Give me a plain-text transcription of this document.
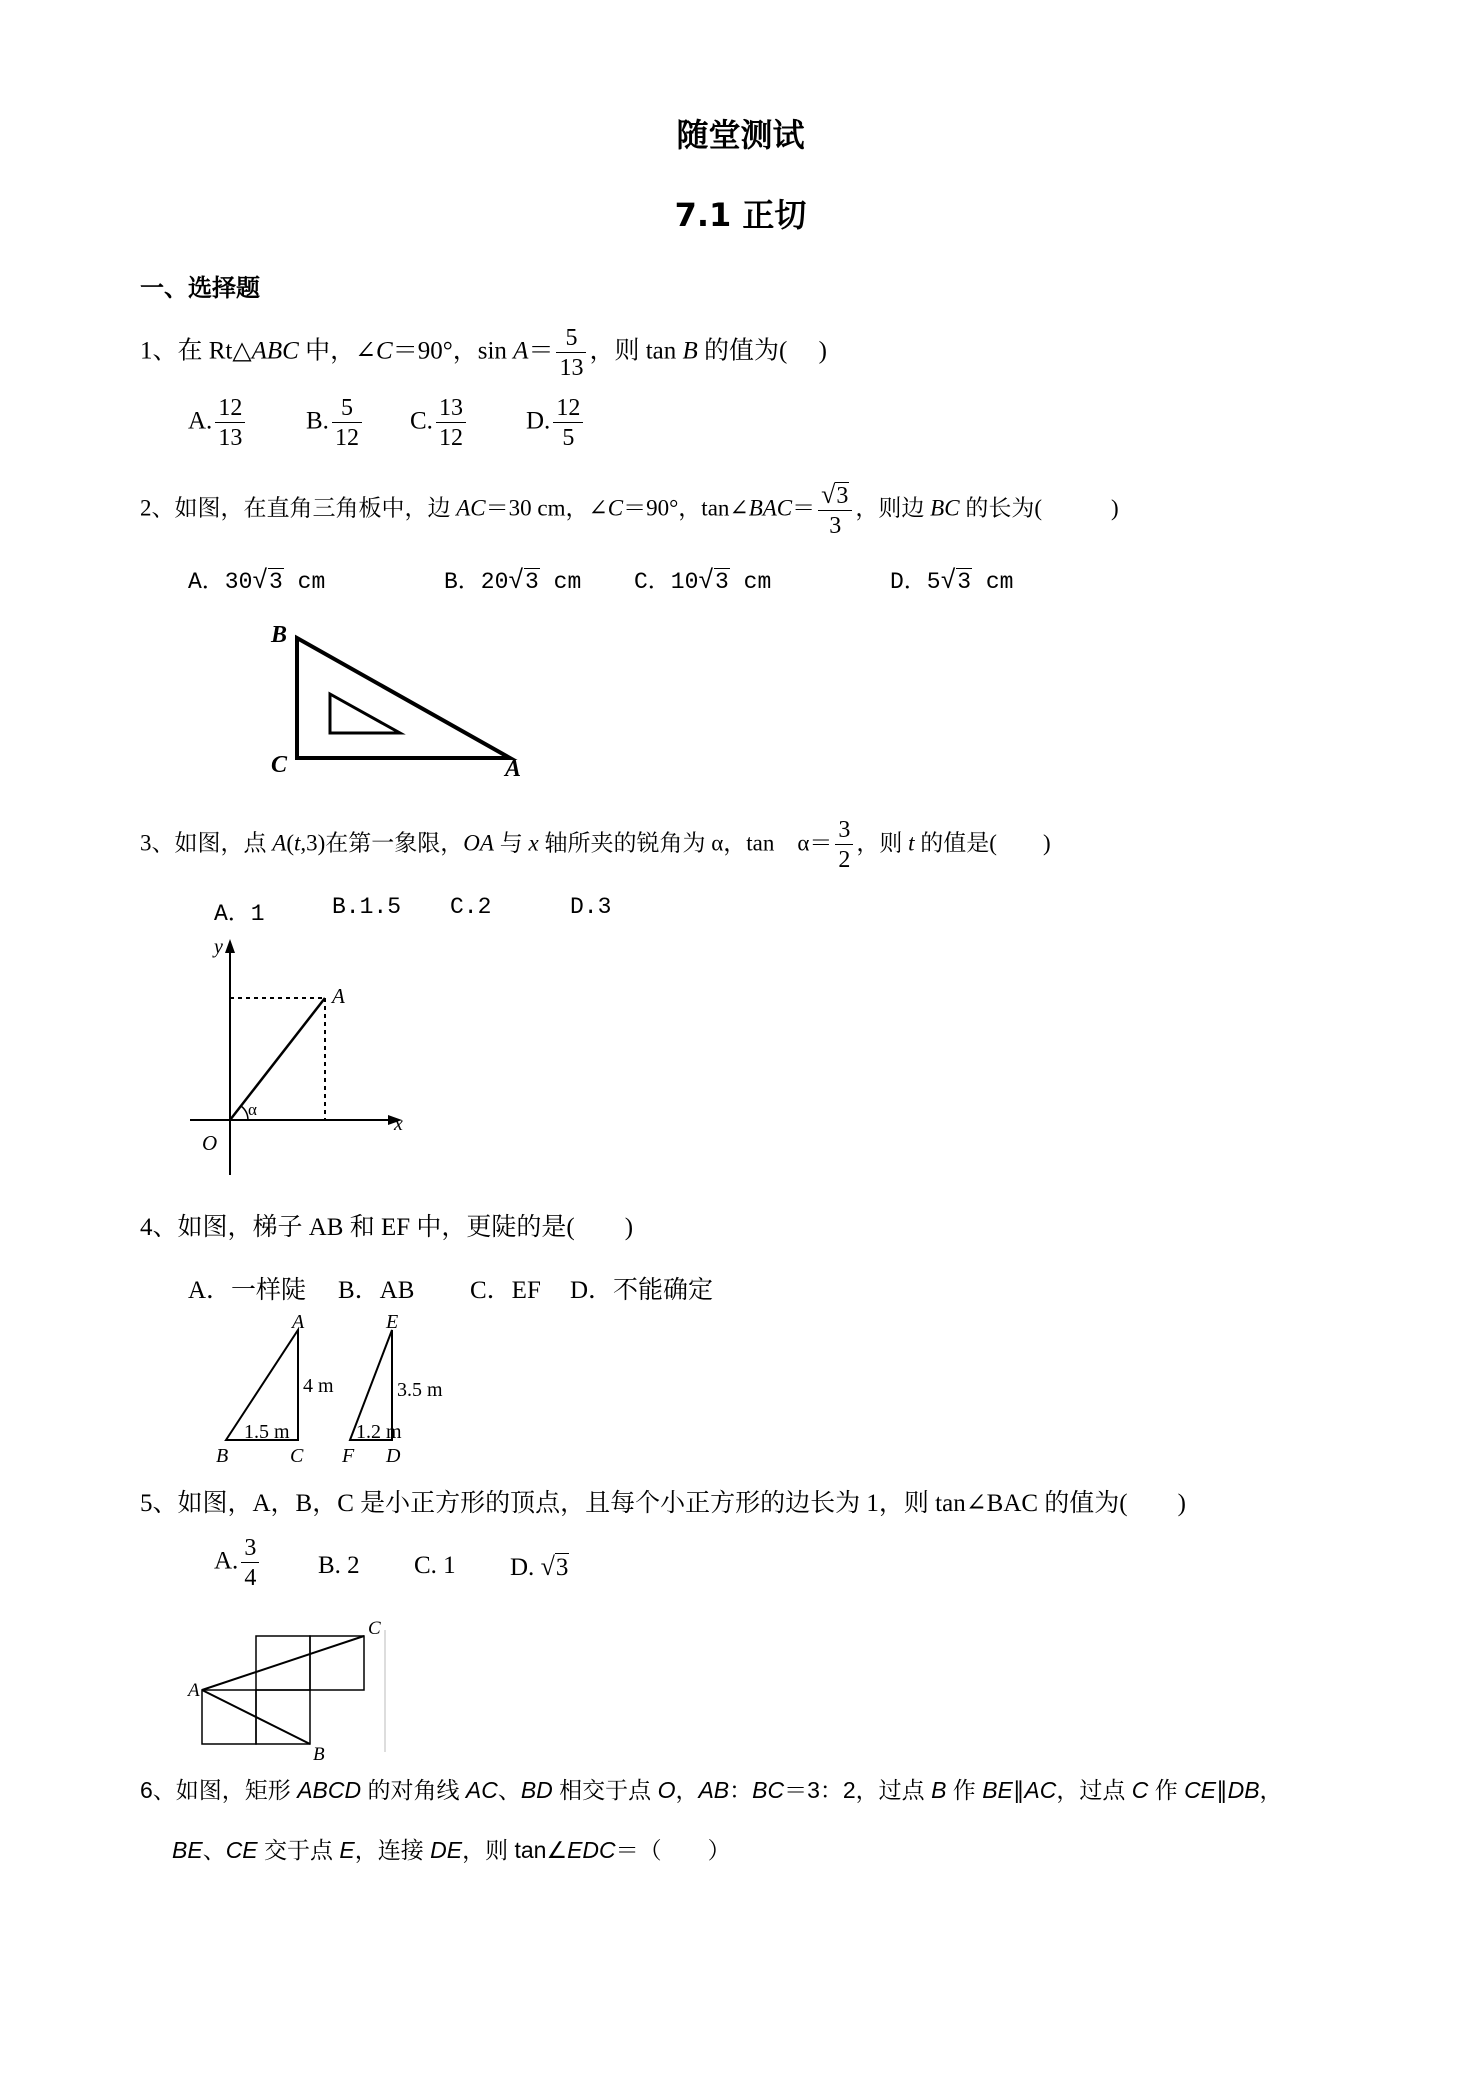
随堂测试
7.1 正切
一、选择题
1、在 Rt△ABC 中，∠C＝90°，$\sin A= \frac{5}{13}$ ，则 tan B 的值为(　 )
A. $\frac{12}{13} B$. $\frac{5}{12} C$. $\frac{13}{12} D$. $\frac{12}{5}$
2、如图，在直角三角板中，边 AC＝30 cm，∠C＝90°，tan∠BAC＝ $\frac{√3}{3}$ ，则边 BC 的长为(　　　)
A．30√3 cm	B．20√3 cm C．10√3 cm	D．5√3 cm
B
C	A
3、如图，点 A(t,3)在第一象限，OA 与 x 轴所夹的锐角为 α，tan　$\alpha= \frac{3}{2}$ ，则 t 的值是(　　)
A．1	B.1.5 C.2	D.3
y
x
O
A
α
4、如图，梯子 AB 和 EF 中，更陡的是(　　)
A．一样陡 B．AB C．EF D．不能确定
A
B	C
4 m
1.5 m
E
F D
3.5 m
1.2 m
5、如图，A，B，C 是小正方形的顶点，且每个小正方形的边长为 1，则 tan∠BAC 的值为(　　)
A. $\frac{3}{4} B$. 2 C. 1 D. √3
A
B
C
6、如图，矩形 ABCD 的对角线 AC、BD 相交于点 O，AB：BC＝3：2，过点 B 作 BE∥AC，过点 C 作 CE∥DB，
BE、CE 交于点 E，连接 DE，则 tan∠EDC＝（　　）
